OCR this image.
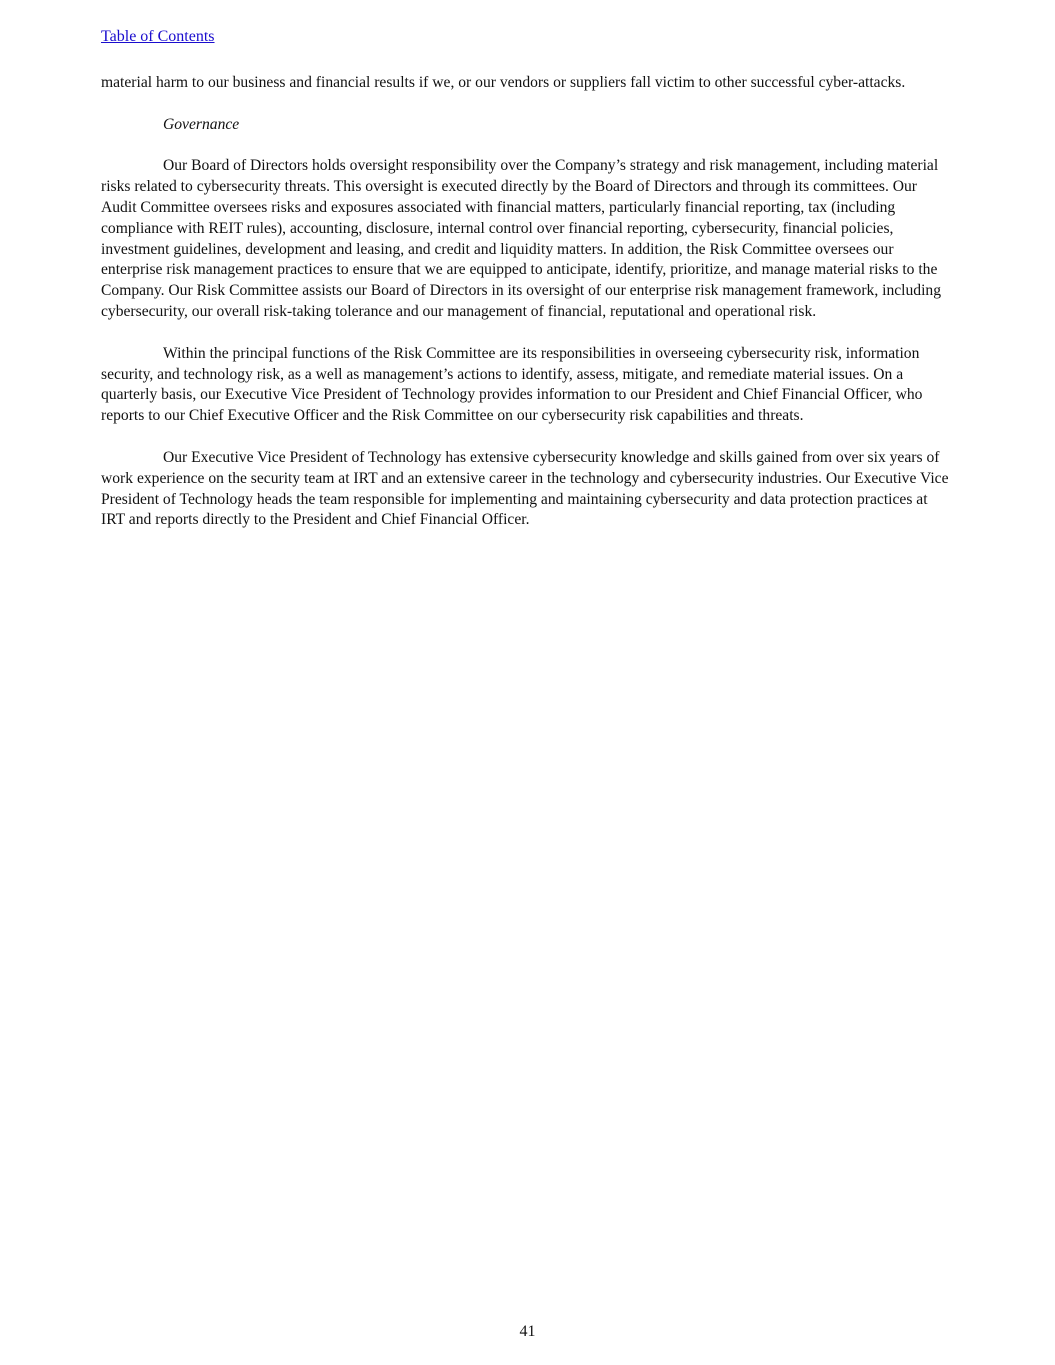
Table of Contents

material harm to our business and financial results if we, or our vendors or suppliers fall victim to other successful cyber-attacks.

Governance

Our Board of Directors holds oversight responsibility over the Company’s strategy and risk management, including material risks related to cybersecurity threats. This oversight is executed directly by the Board of Directors and through its committees. Our Audit Committee oversees risks and exposures associated with financial matters, particularly financial reporting, tax (including compliance with REIT rules), accounting, disclosure, internal control over financial reporting, cybersecurity, financial policies, investment guidelines, development and leasing, and credit and liquidity matters. In addition, the Risk Committee oversees our enterprise risk management practices to ensure that we are equipped to anticipate, identify, prioritize, and manage material risks to the Company. Our Risk Committee assists our Board of Directors in its oversight of our enterprise risk management framework, including cybersecurity, our overall risk-taking tolerance and our management of financial, reputational and operational risk.

Within the principal functions of the Risk Committee are its responsibilities in overseeing cybersecurity risk, information security, and technology risk, as a well as management’s actions to identify, assess, mitigate, and remediate material issues. On a quarterly basis, our Executive Vice President of Technology provides information to our President and Chief Financial Officer, who reports to our Chief Executive Officer and the Risk Committee on our cybersecurity risk capabilities and threats.

Our Executive Vice President of Technology has extensive cybersecurity knowledge and skills gained from over six years of work experience on the security team at IRT and an extensive career in the technology and cybersecurity industries. Our Executive Vice President of Technology heads the team responsible for implementing and maintaining cybersecurity and data protection practices at IRT and reports directly to the President and Chief Financial Officer.

41
